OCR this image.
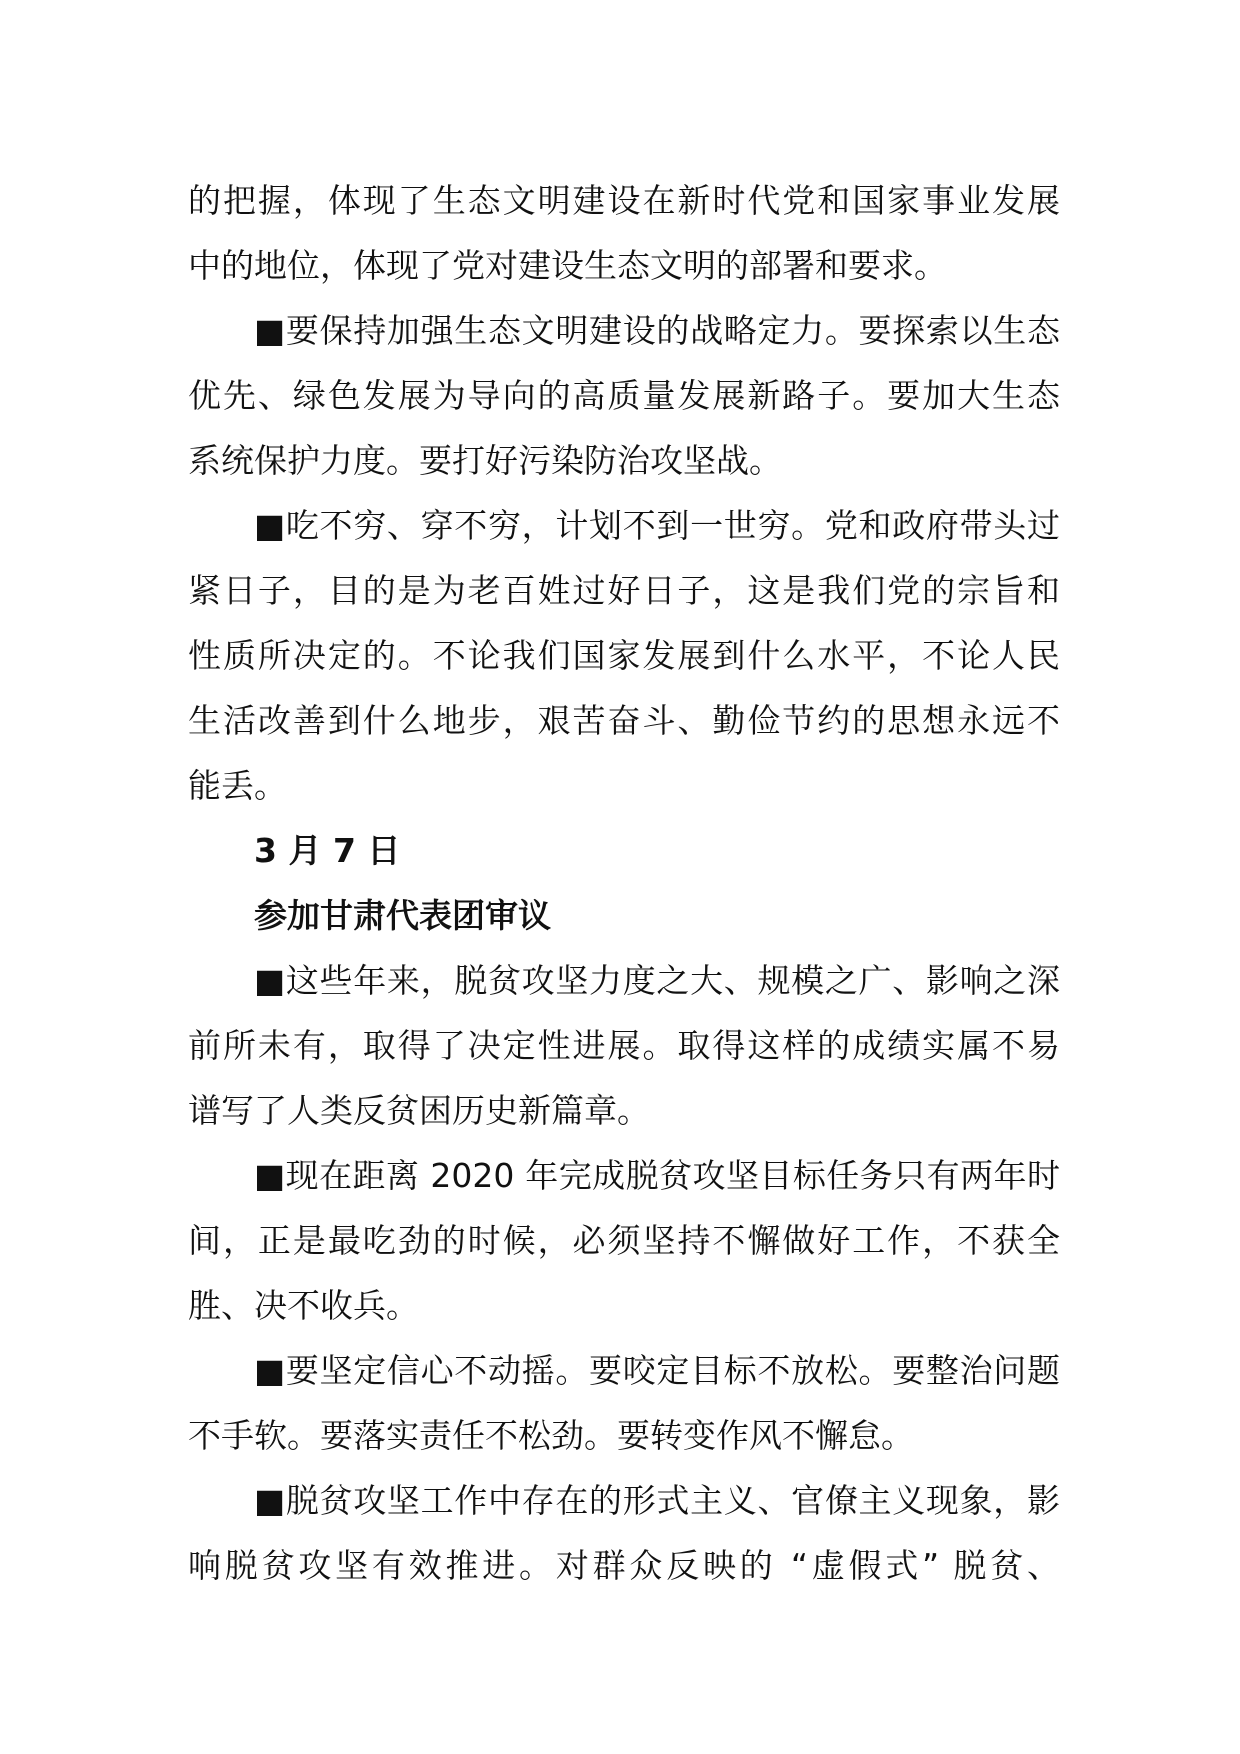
的把握，体现了生态文明建设在新时代党和国家事业发展

中的地位，体现了党对建设生态文明的部署和要求。

■要保持加强生态文明建设的战略定力。要探索以生态

优先、绿色发展为导向的高质量发展新路子。要加大生态

系统保护力度。要打好污染防治攻坚战。

■吃不穷、穿不穷，计划不到一世穷。党和政府带头过

紧日子，目的是为老百姓过好日子，这是我们党的宗旨和

性质所决定的。不论我们国家发展到什么水平，不论人民

生活改善到什么地步，艰苦奋斗、勤俭节约的思想永远不

能丢。

3 月 7 日

参加甘肃代表团审议

■这些年来，脱贫攻坚力度之大、规模之广、影响之深

前所未有，取得了决定性进展。取得这样的成绩实属不易

谱写了人类反贫困历史新篇章。

■现在距离 2020 年完成脱贫攻坚目标任务只有两年时

间，正是最吃劲的时候，必须坚持不懈做好工作，不获全

胜、决不收兵。

■要坚定信心不动摇。要咬定目标不放松。要整治问题

不手软。要落实责任不松劲。要转变作风不懈怠。

■脱贫攻坚工作中存在的形式主义、官僚主义现象，影

响脱贫攻坚有效推进。对群众反映的 “虚假式” 脱贫、
